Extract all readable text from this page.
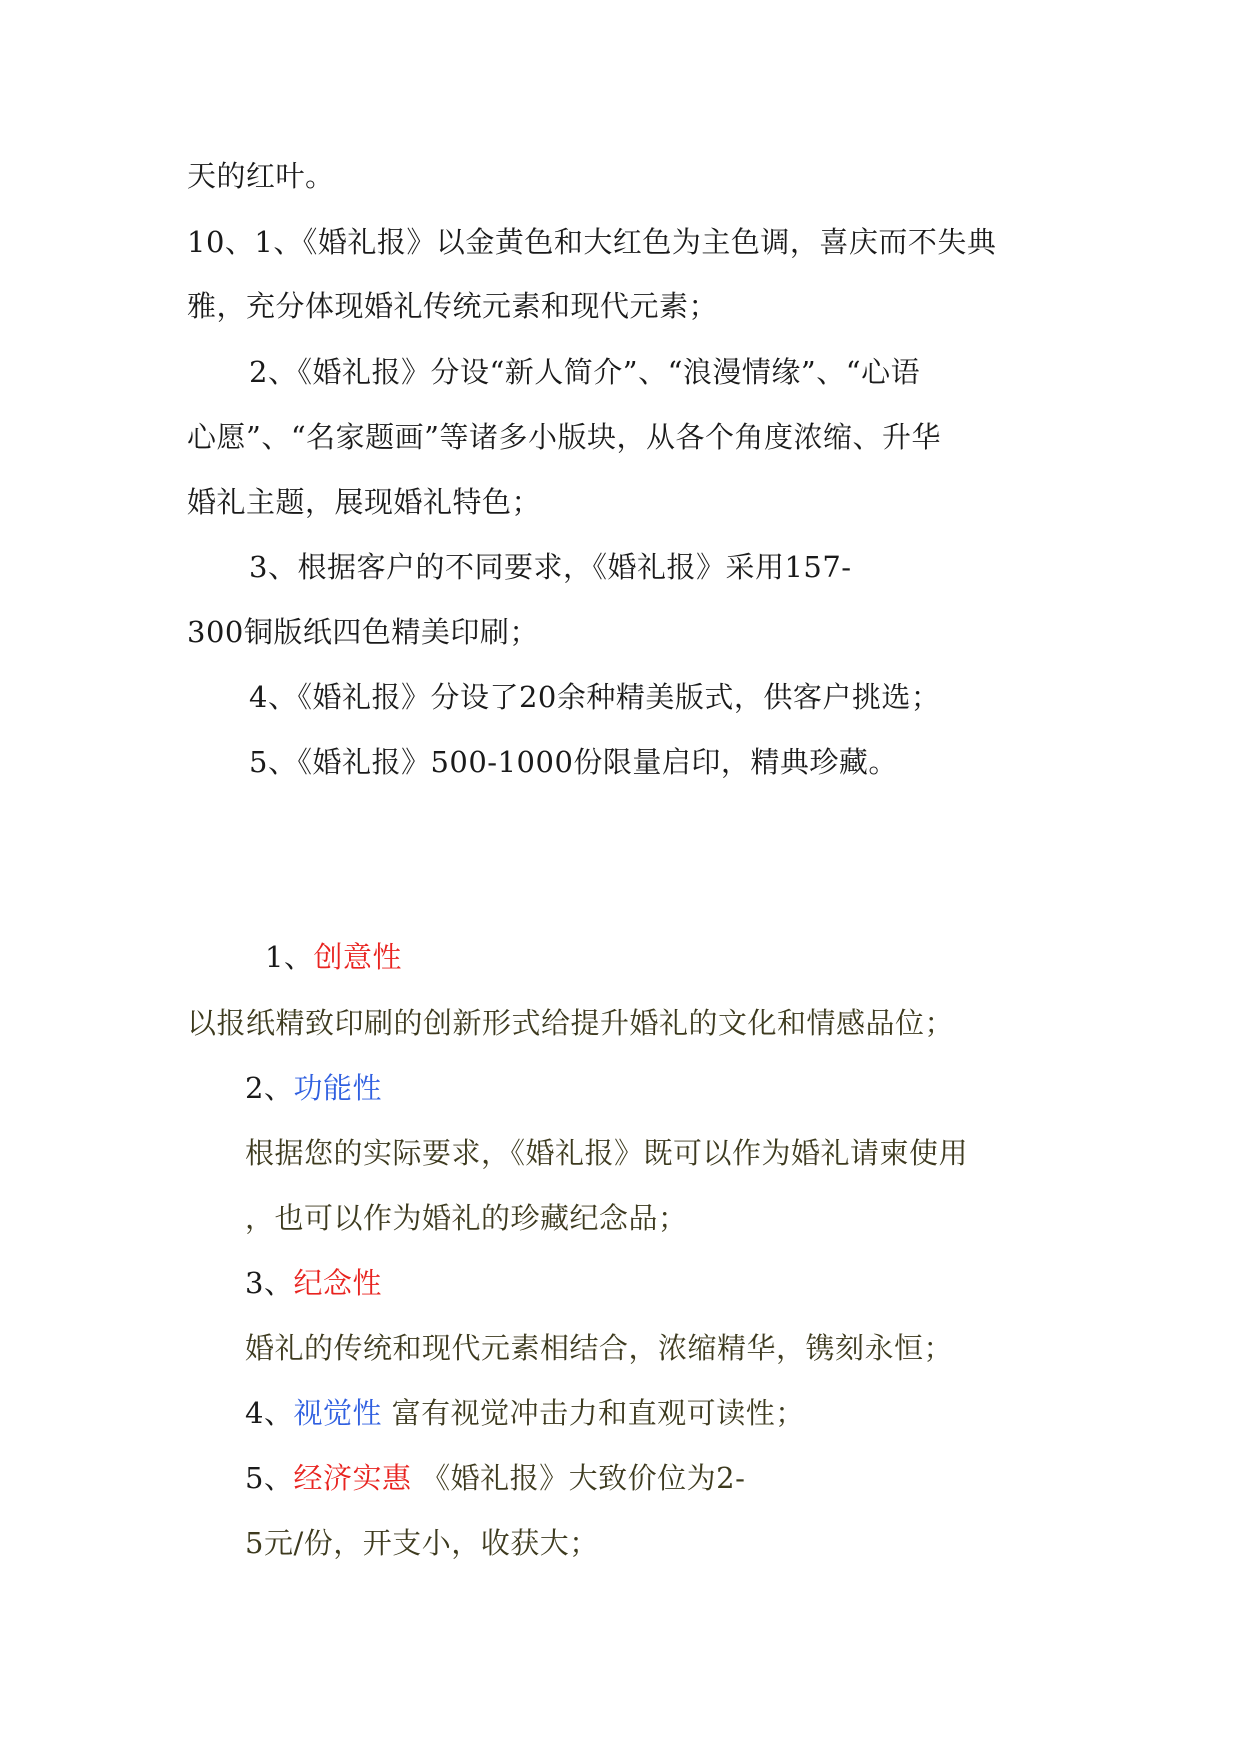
天的红叶。
10、1、《婚礼报》以金黄色和大红色为主色调，喜庆而不失典
雅，充分体现婚礼传统元素和现代元素；
2、《婚礼报》分设“新人简介”、“浪漫情缘”、“心语
心愿”、“名家题画”等诸多小版块，从各个角度浓缩、升华
婚礼主题，展现婚礼特色；
3、根据客户的不同要求，《婚礼报》采用157-
300铜版纸四色精美印刷；
4、《婚礼报》分设了20余种精美版式，供客户挑选；
5、《婚礼报》500-1000份限量启印，精典珍藏。
1、创意性
以报纸精致印刷的创新形式给提升婚礼的文化和情感品位；
2、功能性
根据您的实际要求，《婚礼报》既可以作为婚礼请柬使用
，也可以作为婚礼的珍藏纪念品；
3、纪念性
婚礼的传统和现代元素相结合，浓缩精华，镌刻永恒；
4、视觉性 富有视觉冲击力和直观可读性；
5、经济实惠 《婚礼报》大致价位为2-
5元/份，开支小，收获大；
